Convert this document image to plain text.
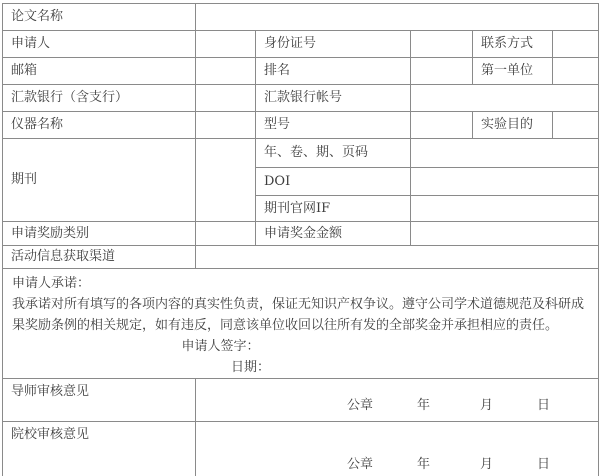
论文名称					
申请人		身份证号		联系方式	
邮箱		排名		第一单位	
汇款银行（含支行）		汇款银行帐号			
仪器名称		型号		实验目的	
期刊		年、卷、期、页码			
		DOI			
		期刊官网IF			
申请奖励类别		申请奖金金额			
活动信息获取渠道					

申请人承诺：
我承诺对所有填写的各项内容的真实性负责，保证无知识产权争议。遵守公司学术道德规范及科研成果奖励条例的相关规定，如有违反，同意该单位收回以往所有发的全部奖金并承担相应的责任。
申请人签字：
日期：					

导师审核意见	公章 年 月 日				

院校审核意见	公章 年 月 日				
